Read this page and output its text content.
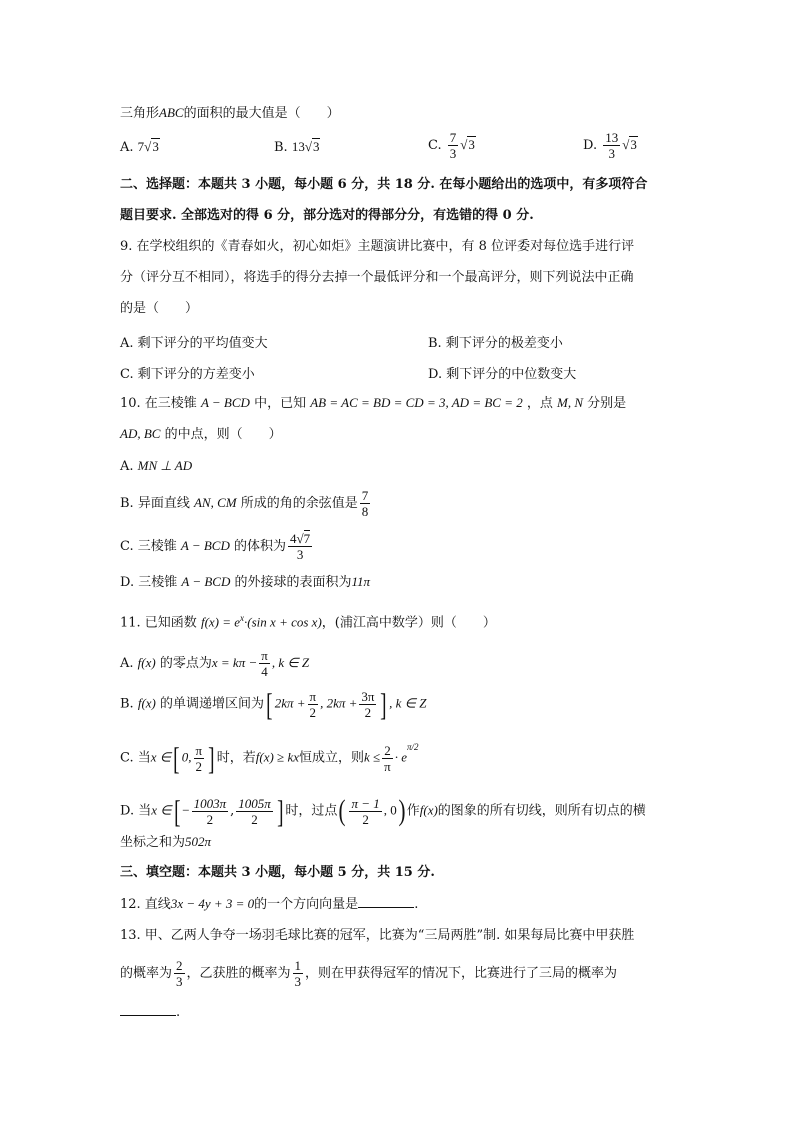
三角形ABC的面积的最大值是（　　）
A. 7√3	B. 13√3	C. $\frac{7}{3} √3$	D. $\frac{13}{3} √3$
二、选择题：本题共 3 小题，每小题 6 分，共 18 分. 在每小题给出的选项中，有多项符合
题目要求. 全部选对的得 6 分，部分选对的得部分分，有选错的得 0 分.
9. 在学校组织的《青春如火，初心如炬》主题演讲比赛中，有 8 位评委对每位选手进行评
分（评分互不相同），将选手的得分去掉一个最低评分和一个最高评分，则下列说法中正确
的是（　　）
A. 剩下评分的平均值变大	B. 剩下评分的极差变小
C. 剩下评分的方差变小	D. 剩下评分的中位数变大
10. 在三棱锥 A − BCD 中，已知 AB = AC = BD = CD = 3, AD = BC = 2 ，点 M, N 分别是
AD, BC 的中点，则（　　）
A. MN ⊥ AD
B. 异面直线 AN, CM 所成的角的余弦值是 $\frac{7}{8}$
C. 三棱锥 A − BCD 的体积为 $\frac{4√7}{3}$
D. 三棱锥 A − BCD 的外接球的表面积为11π
11. 已知函数 $f(x) = e^x\cdot(\sin$ x + cos x)，(浦江高中数学）则（　　）
A. f(x) 的零点为$x = k\pi - \frac{\pi}{4}$ , k ∈ Z
B. f(x) 的单调递增区间为[ $2k\pi + \frac{\pi}{2}$ , $2k\pi + \frac{3\pi}{2}$ ] , k ∈ Z
C. 当x ∈[ 0, $\frac{\pi}{2}$ ] 时，若f(x) ≥ kx恒成立，则$k \le \frac{2}{\pi} \cdot e^{\pi/2}$
D. 当x ∈[ − $\frac{1003\pi}{2}$ , $\frac{1005\pi}{2}$ ] 时，过点( $\frac{\pi - 1}{2}$ , 0) 作f(x)的图象的所有切线，则所有切点的横
坐标之和为502π
三、填空题：本题共 3 小题，每小题 5 分，共 15 分.
12. 直线3x − 4y + 3 = 0的一个方向向量是	.
13. 甲、乙两人争夺一场羽毛球比赛的冠军，比赛为“三局两胜”制. 如果每局比赛中甲获胜
的概率为 $\frac{2}{3}$ ，乙获胜的概率为 $\frac{1}{3}$ ，则在甲获得冠军的情况下，比赛进行了三局的概率为
.
